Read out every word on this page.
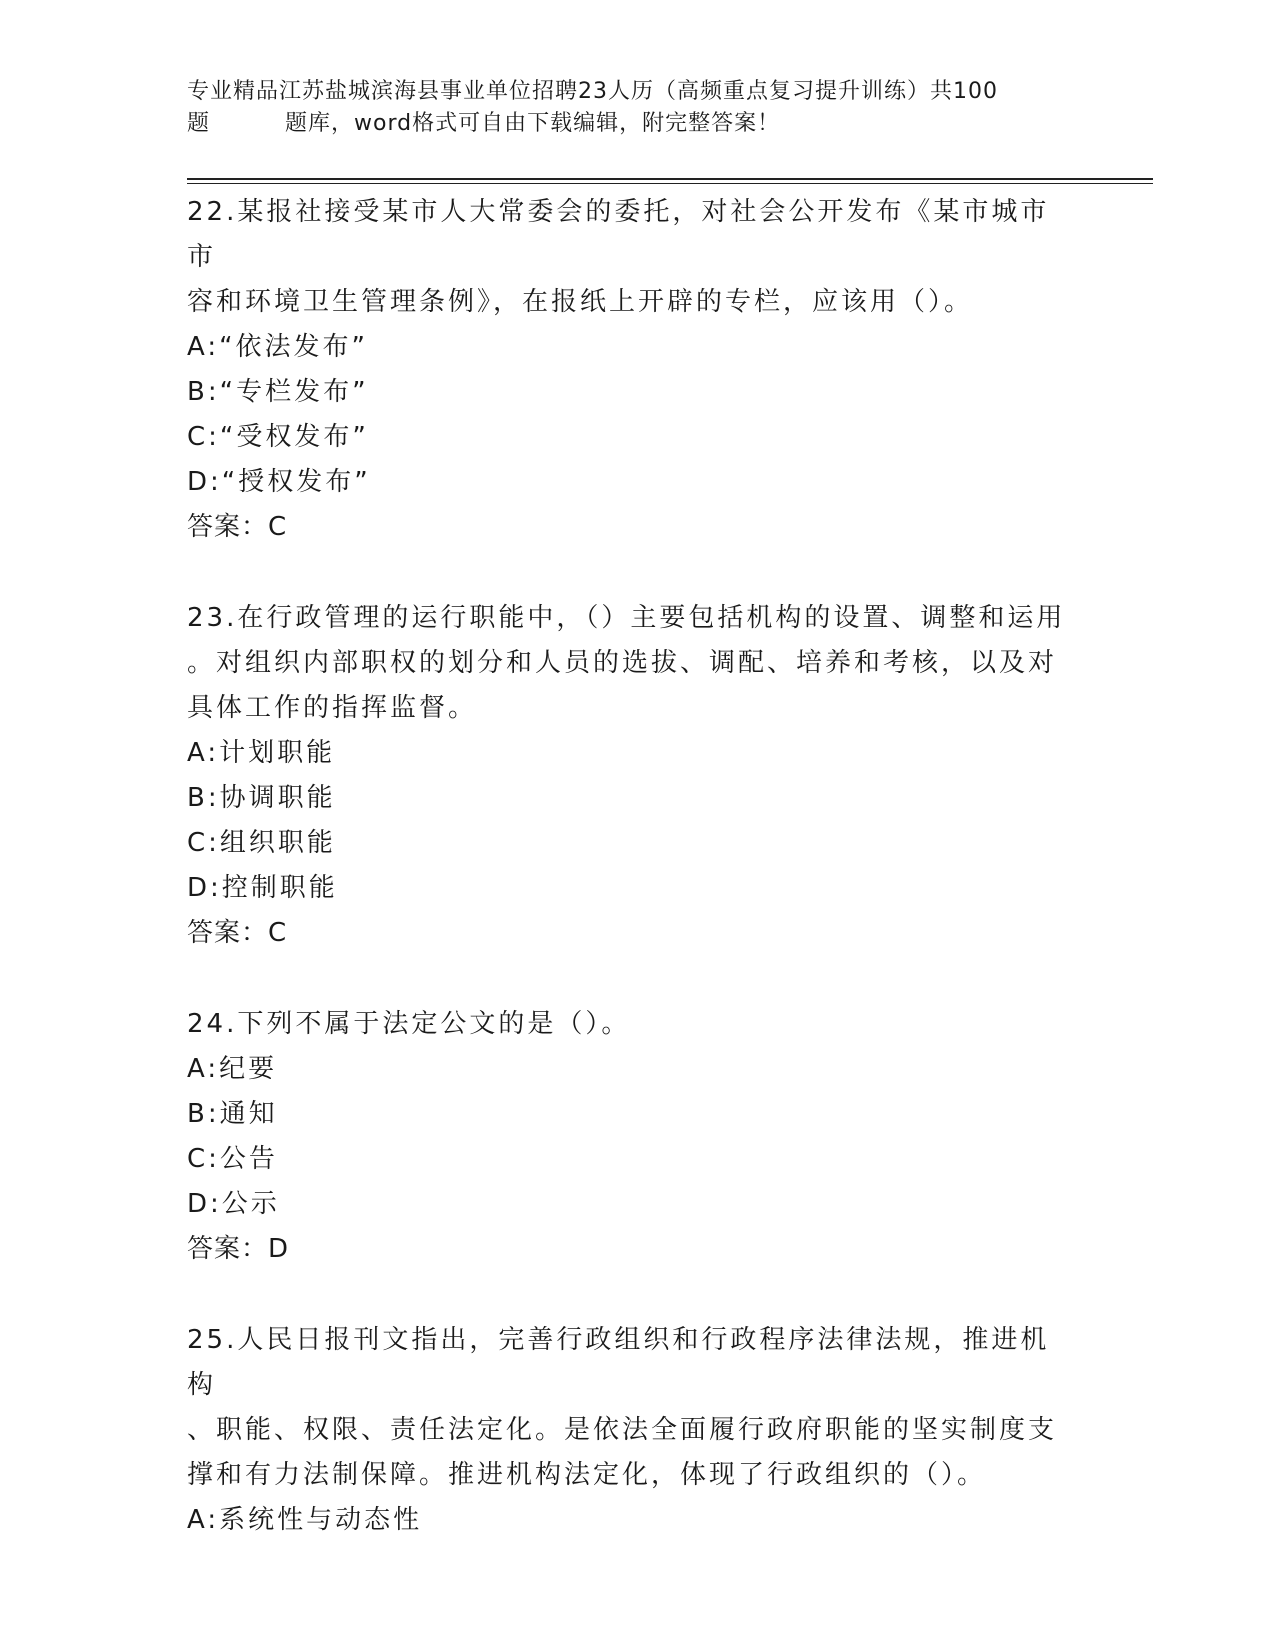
专业精品江苏盐城滨海县事业单位招聘23人历（高频重点复习提升训练）共100
题	题库，word格式可自由下载编辑，附完整答案！
22.某报社接受某市人大常委会的委托，对社会公开发布《某市城市市
容和环境卫生管理条例》，在报纸上开辟的专栏，应该用（）。
A:“依法发布”
B:“专栏发布”
C:“受权发布”
D:“授权发布”
答案：C
23.在行政管理的运行职能中，（）主要包括机构的设置、调整和运用
。对组织内部职权的划分和人员的选拔、调配、培养和考核，以及对
具体工作的指挥监督。
A:计划职能
B:协调职能
C:组织职能
D:控制职能
答案：C
24.下列不属于法定公文的是（）。
A:纪要
B:通知
C:公告
D:公示
答案：D
25.人民日报刊文指出，完善行政组织和行政程序法律法规，推进机构
、职能、权限、责任法定化。是依法全面履行政府职能的坚实制度支
撑和有力法制保障。推进机构法定化，体现了行政组织的（）。
A:系统性与动态性
